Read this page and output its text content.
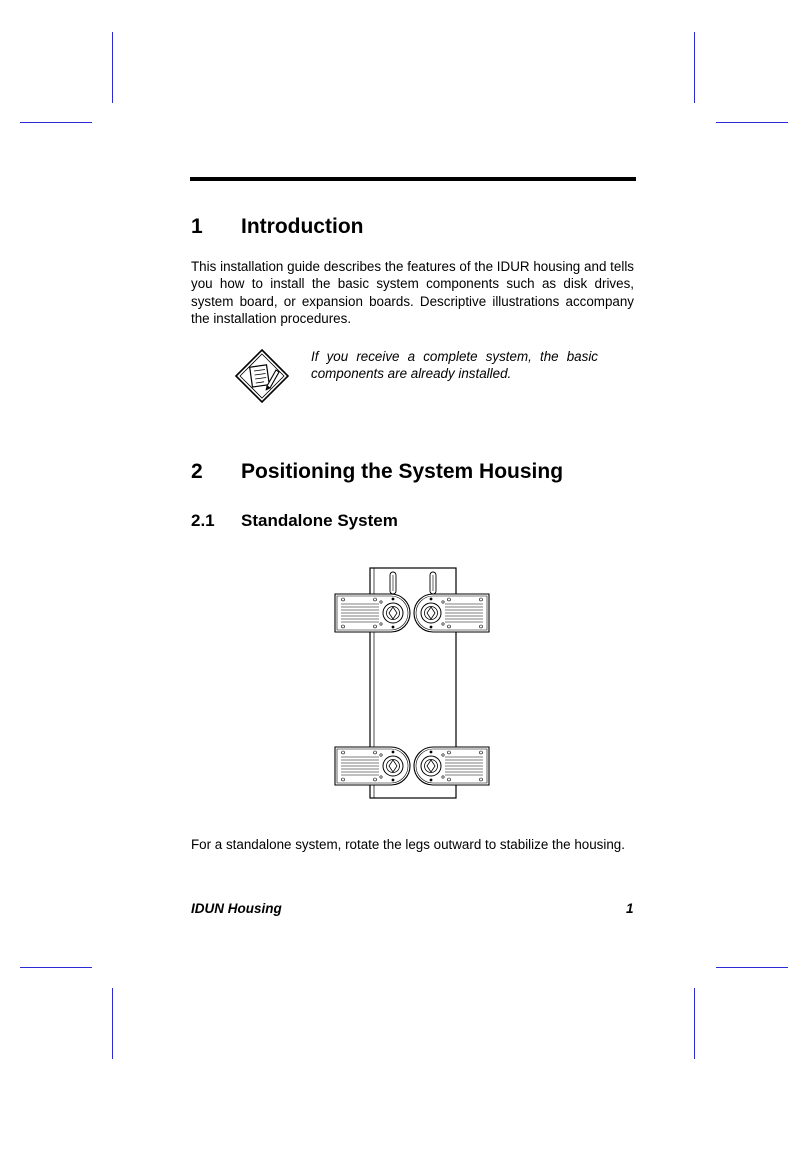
1 Introduction

This installation guide describes the features of the IDUR housing and tells you how to install the basic system components such as disk drives, system board, or expansion boards. Descriptive illustrations accompany the installation procedures.

If you receive a complete system, the basic components are already installed.

2 Positioning the System Housing
2.1 Standalone System

For a standalone system, rotate the legs outward to stabilize the housing.

IDUN Housing	1
